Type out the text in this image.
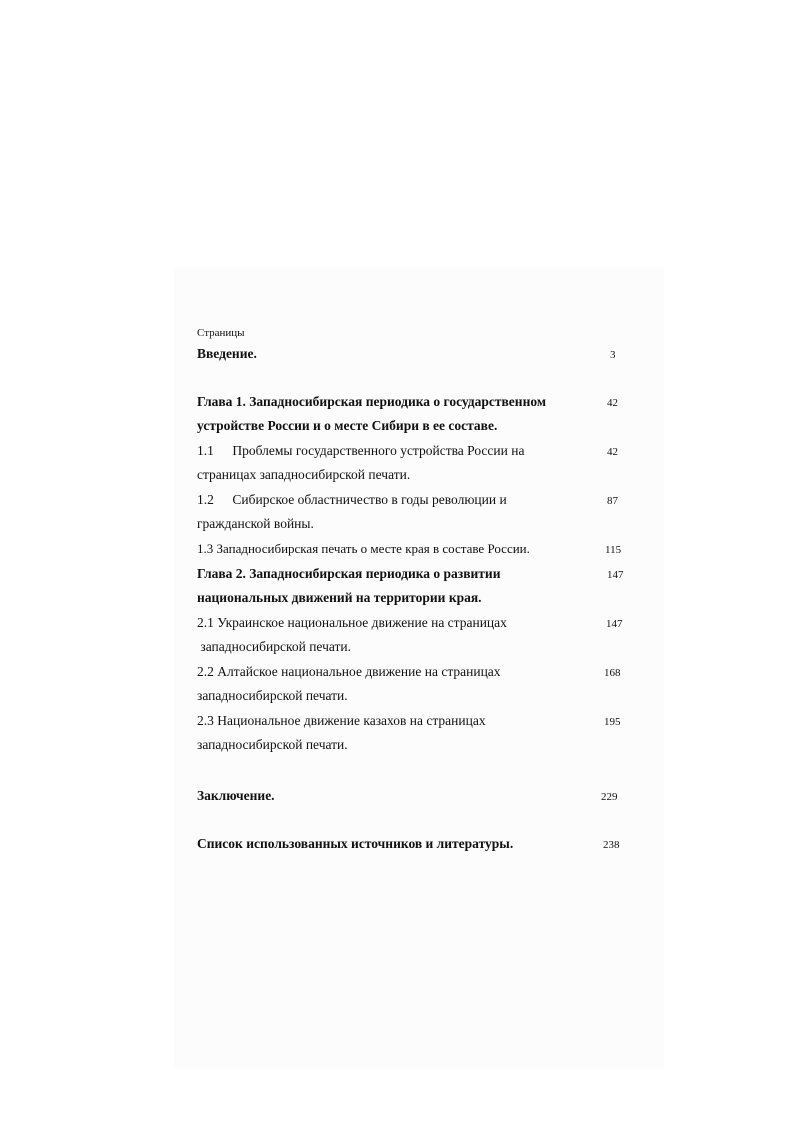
Страницы
Введение.	3
Глава 1. Западносибирская периодика о государственном	42
устройстве России и о месте Сибири в ее составе.
1.1 Проблемы государственного устройства России на	42
страницах западносибирской печати.
1.2 Сибирское областничество в годы революции и	87
гражданской войны.
1.3 Западносибирская печать о месте края в составе России.	115
Глава 2. Западносибирская периодика о развитии	147
национальных движений на территории края.
2.1 Украинское национальное движение на страницах	147
западносибирской печати.
2.2 Алтайское национальное движение на страницах	168
западносибирской печати.
2.3 Национальное движение казахов на страницах	195
западносибирской печати.
Заключение.	229
Список использованных источников и литературы.	238
